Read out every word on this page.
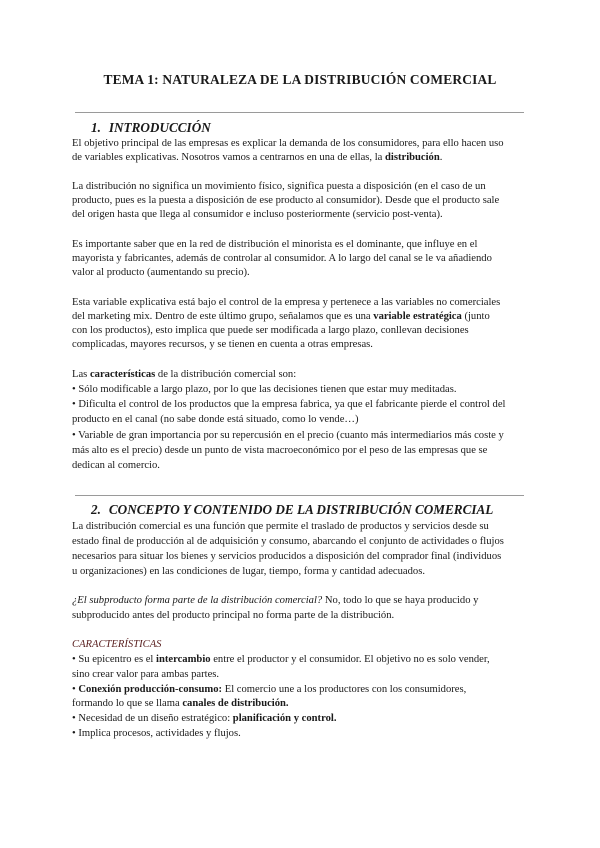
TEMA 1: NATURALEZA DE LA DISTRIBUCIÓN COMERCIAL
1. INTRODUCCIÓN
El objetivo principal de las empresas es explicar la demanda de los consumidores, para ello hacen uso
de variables explicativas. Nosotros vamos a centrarnos en una de ellas, la distribución.
La distribución no significa un movimiento físico, significa puesta a disposición (en el caso de un
producto, pues es la puesta a disposición de ese producto al consumidor). Desde que el producto sale
del origen hasta que llega al consumidor e incluso posteriormente (servicio post-venta).
Es importante saber que en la red de distribución el minorista es el dominante, que influye en el
mayorista y fabricantes, además de controlar al consumidor. A lo largo del canal se le va añadiendo
valor al producto (aumentando su precio).
Esta variable explicativa está bajo el control de la empresa y pertenece a las variables no comerciales
del marketing mix. Dentro de este último grupo, señalamos que es una variable estratégica (junto
con los productos), esto implica que puede ser modificada a largo plazo, conllevan decisiones
complicadas, mayores recursos, y se tienen en cuenta a otras empresas.
Las características de la distribución comercial son:
• Sólo modificable a largo plazo, por lo que las decisiones tienen que estar muy meditadas.
• Dificulta el control de los productos que la empresa fabrica, ya que el fabricante pierde el control del
producto en el canal (no sabe donde está situado, como lo vende…)
• Variable de gran importancia por su repercusión en el precio (cuanto más intermediarios más coste y
más alto es el precio) desde un punto de vista macroeconómico por el peso de las empresas que se
dedican al comercio.
2. CONCEPTO Y CONTENIDO DE LA DISTRIBUCIÓN COMERCIAL
La distribución comercial es una función que permite el traslado de productos y servicios desde su
estado final de producción al de adquisición y consumo, abarcando el conjunto de actividades o flujos
necesarios para situar los bienes y servicios producidos a disposición del comprador final (individuos
u organizaciones) en las condiciones de lugar, tiempo, forma y cantidad adecuados.
¿El subproducto forma parte de la distribución comercial? No, todo lo que se haya producido y
subproducido antes del producto principal no forma parte de la distribución.
CARACTERÍSTICAS
• Su epicentro es el intercambio entre el productor y el consumidor. El objetivo no es solo vender,
sino crear valor para ambas partes.
• Conexión producción-consumo: El comercio une a los productores con los consumidores,
formando lo que se llama canales de distribución.
• Necesidad de un diseño estratégico: planificación y control.
• Implica procesos, actividades y flujos.
